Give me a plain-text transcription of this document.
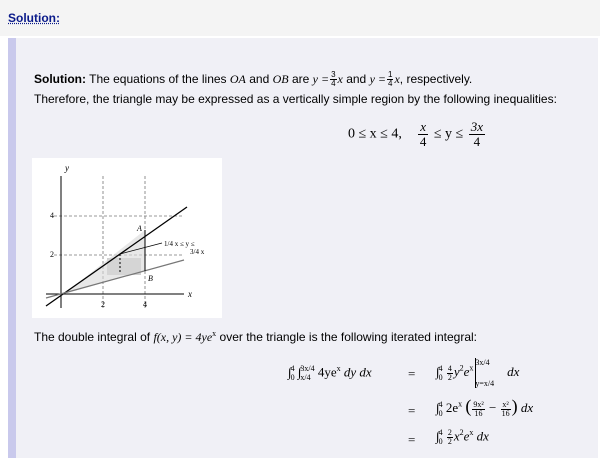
Solution:
Solution: The equations of the lines OA and OB are $y = \frac{3}{4}$ x and $y = \frac{1}{4} x$, respectively.
Therefore, the triangle may be expressed as a vertically simple region by the following inequalities:
0 ≤ x ≤ 4, $\frac{x}{4} \le y \le \frac{3x}{4}$
y
x
A
B
4
2
2	4
1/4 x ≤ y ≤
3/4 x
The double integral of f(x, $y) = 4ye^x$ over the triangle is the following iterated integral:
∫ 4
0 ∫ 3x/4
x/4 $4ye^x$ dy dx	= ∫ 4
0
$\frac{4}{2} y^2e^x$
3x/4
y=x/4
dx
= ∫ 4
0 $2e^x$ ( $\frac{\text{9x²}}{16} - \frac{\text{x²}}{16}$ ) dx
= ∫ 4
0
$\frac{2}{2} x^2e^x$ dx
